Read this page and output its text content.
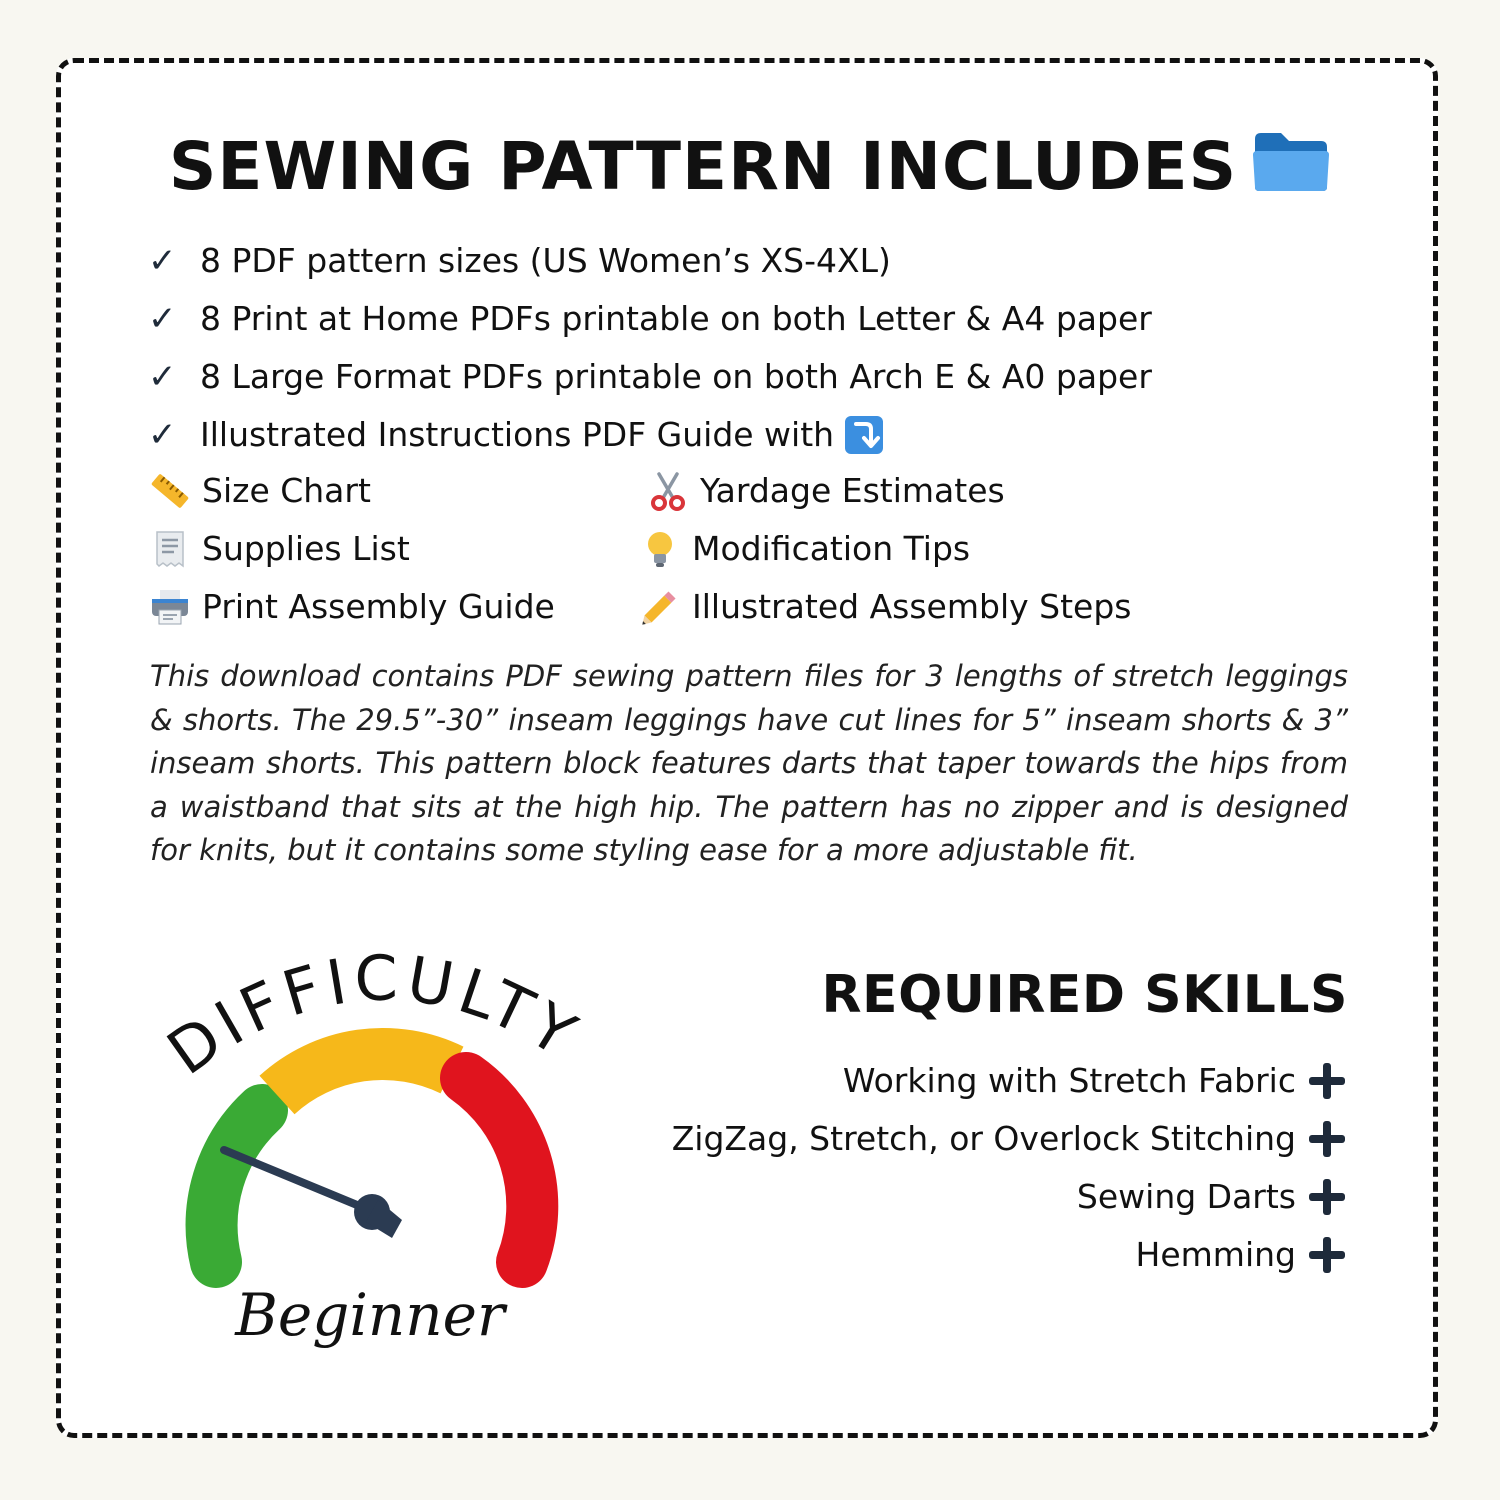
SEWING PATTERN INCLUDES
✓ 8 PDF pattern sizes (US Women’s XS-4XL)
✓ 8 Print at Home PDFs printable on both Letter & A4 paper
✓ 8 Large Format PDFs printable on both Arch E & A0 paper
✓ Illustrated Instructions PDF Guide with
Size Chart	Yardage Estimates
Supplies List	Modification Tips
Print Assembly Guide	Illustrated Assembly Steps
This download contains PDF sewing pattern files for 3 lengths of stretch leggings & shorts. The 29.5”-30” inseam leggings have cut lines for 5” inseam shorts & 3” inseam shorts. This pattern block features darts that taper towards the hips from a waistband that sits at the high hip. The pattern has no zipper and is designed for knits, but it contains some styling ease for a more adjustable fit.
DIFFICULTY
Beginner
REQUIRED SKILLS
Working with Stretch Fabric
ZigZag, Stretch, or Overlock Stitching
Sewing Darts
Hemming
